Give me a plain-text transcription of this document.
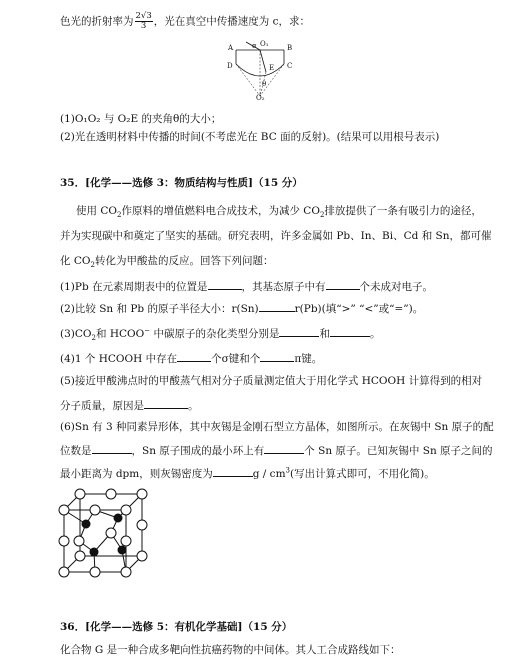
色光的折射率为 $\frac{2√3}{3}$ ，光在真空中传播速度为 c，求：
A	B
C
D	E
O₁
O₂
α
θ
(1)O₁O₂ 与 O₂E 的夹角θ的大小；
(2)光在透明材料中传播的时间(不考虑光在 BC 面的反射)。(结果可以用根号表示)
35．[化学——选修 3：物质结构与性质]（15 分）
使用 $CO_2$作原料的增值燃料电合成技术，为减少 $CO_2$排放提供了一条有吸引力的途径，
并为实现碳中和奠定了坚实的基础。研究表明，许多金属如 Pb、In、Bi、Cd 和 Sn，都可催
化 $CO_2$转化为甲酸盐的反应。回答下列问题：
(1)Pb 在元素周期表中的位置是	，其基态原子中有	个未成对电子。
(2)比较 Sn 和 Pb 的原子半径大小：r(Sn)	r(Pb)(填“>” “<”或“=”)。
$(3)CO_2$和 HCOO− 中碳原子的杂化类型分别是	和	。
(4)1 个 HCOOH 中存在	个σ键和个	π键。
(5)接近甲酸沸点时的甲酸蒸气相对分子质量测定值大于用化学式 HCOOH 计算得到的相对
分子质量，原因是	。
(6)Sn 有 3 种同素异形体，其中灰锡是金刚石型立方晶体，如图所示。在灰锡中 Sn 原子的配
位数是	，Sn 原子围成的最小环上有	个 Sn 原子。已知灰锡中 Sn 原子之间的
最小距离为 dpm，则灰锡密度为	g / $cm^3$(写出计算式即可，不用化简)。
36．[化学——选修 5：有机化学基础]（15 分）
化合物 G 是一种合成多靶向性抗癌药物的中间体。其人工合成路线如下：
